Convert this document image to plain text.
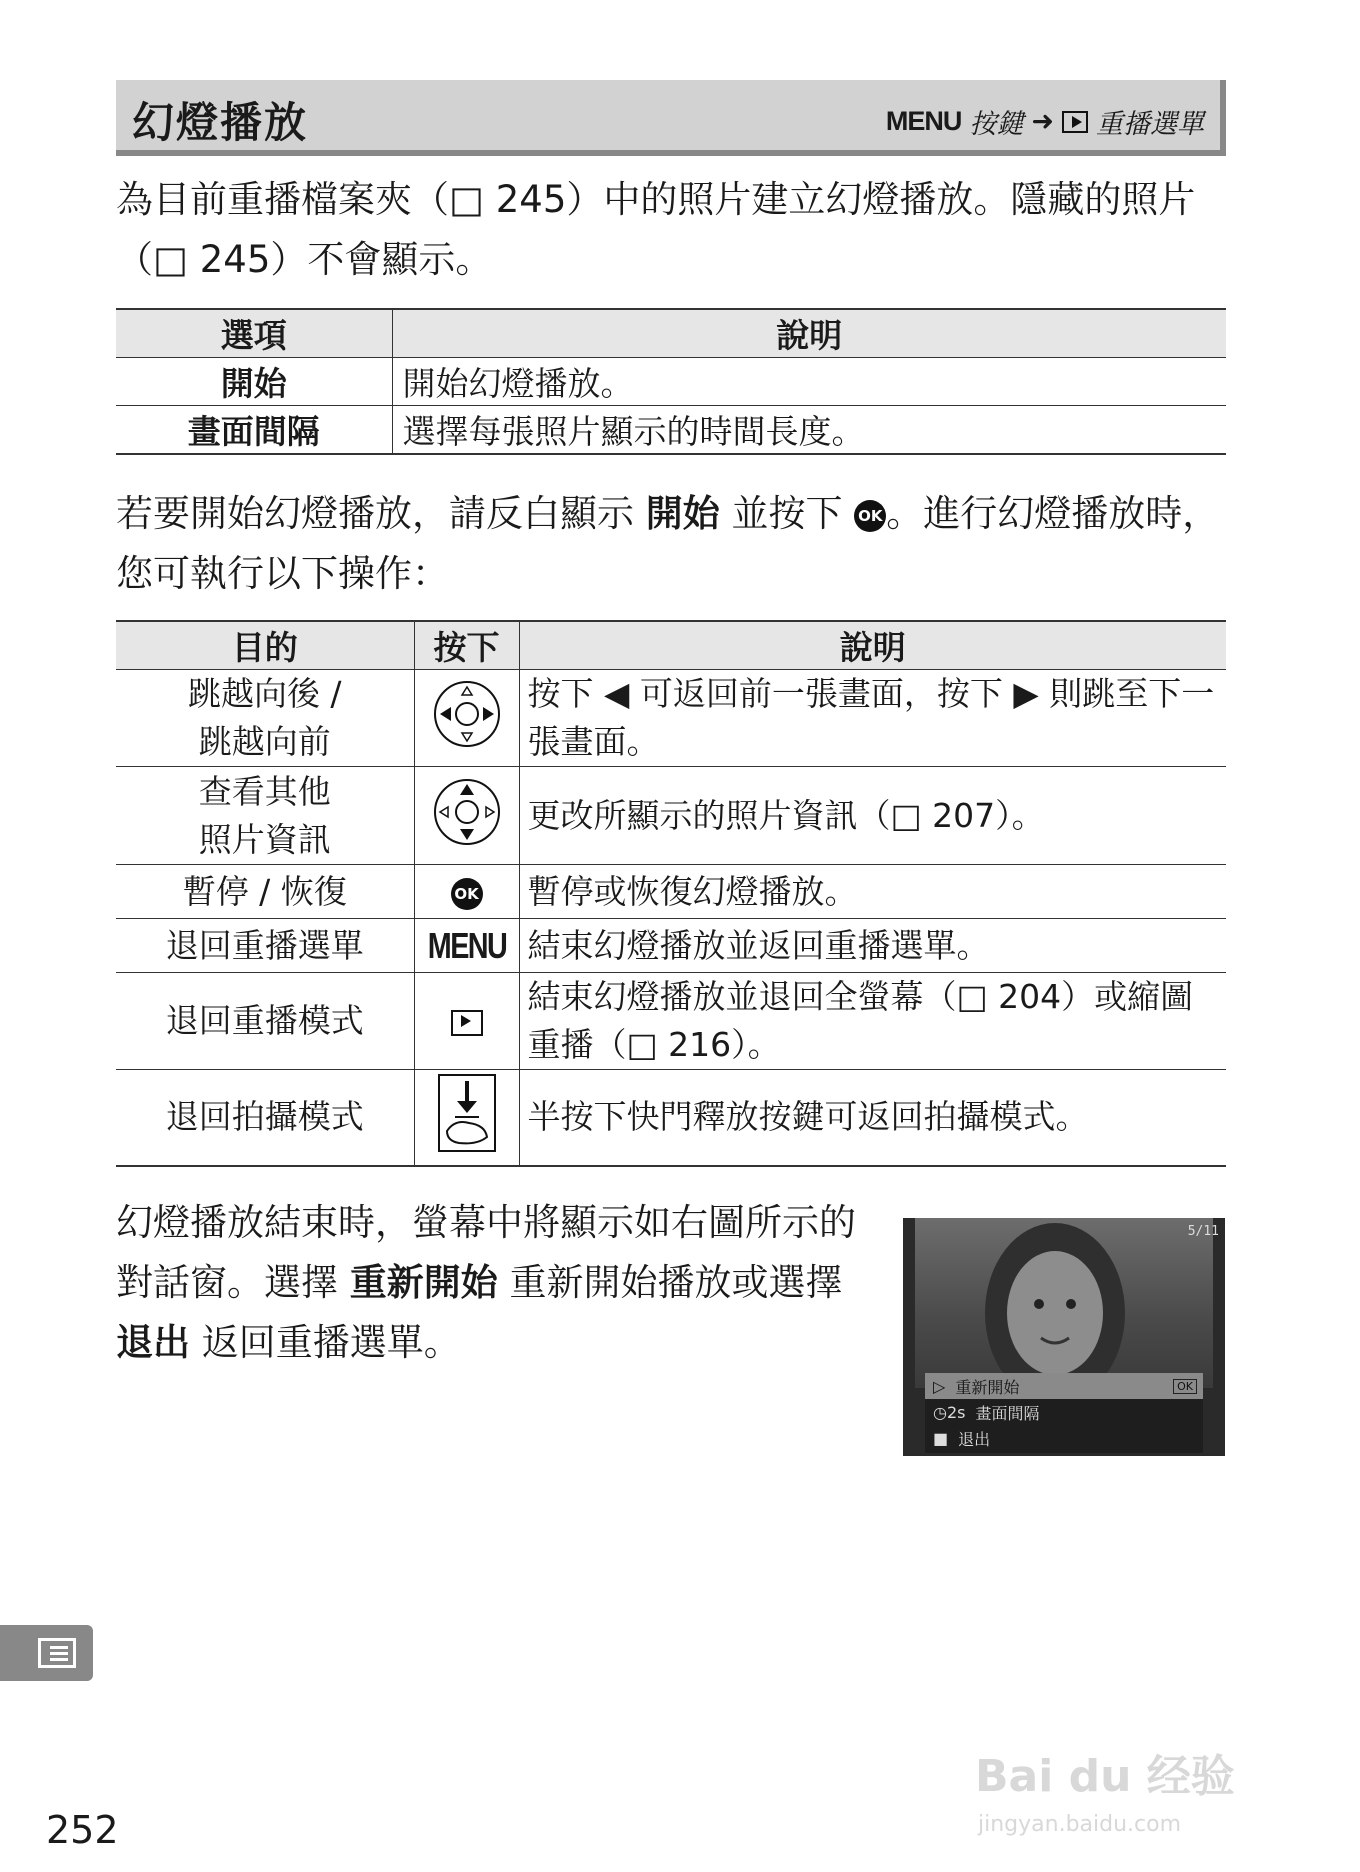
幻燈播放	MENU 按鍵 ➜ 重播選單

為目前重播檔案夾（□ 245）中的照片建立幻燈播放。隱藏的照片（□ 245）不會顯示。

選項	說明
開始	開始幻燈播放。
畫面間隔	選擇每張照片顯示的時間長度。

若要開始幻燈播放，請反白顯示 開始 並按下 OK 。進行幻燈播放時，您可執行以下操作：

目的	按下	說明
跳越向後 /
跳越向前		按下 ◀ 可返回前一張畫面，按下 ▶ 則跳至下一張畫面。
查看其他
照片資訊		更改所顯示的照片資訊（□ 207）。
暫停 / 恢復	OK	暫停或恢復幻燈播放。
退回重播選單	MENU	結束幻燈播放並返回重播選單。
退回重播模式		結束幻燈播放並退回全螢幕（□ 204）或縮圖重播（□ 216）。
退回拍攝模式		半按下快門釋放按鍵可返回拍攝模式。

幻燈播放結束時，螢幕中將顯示如右圖所示的對話窗。選擇 重新開始 重新開始播放或選擇 退出 返回重播選單。

5/11
▷ 重新開始	OK
◷2s 畫面間隔
■ 退出
252
Bai du 经验
jingyan.baidu.com
